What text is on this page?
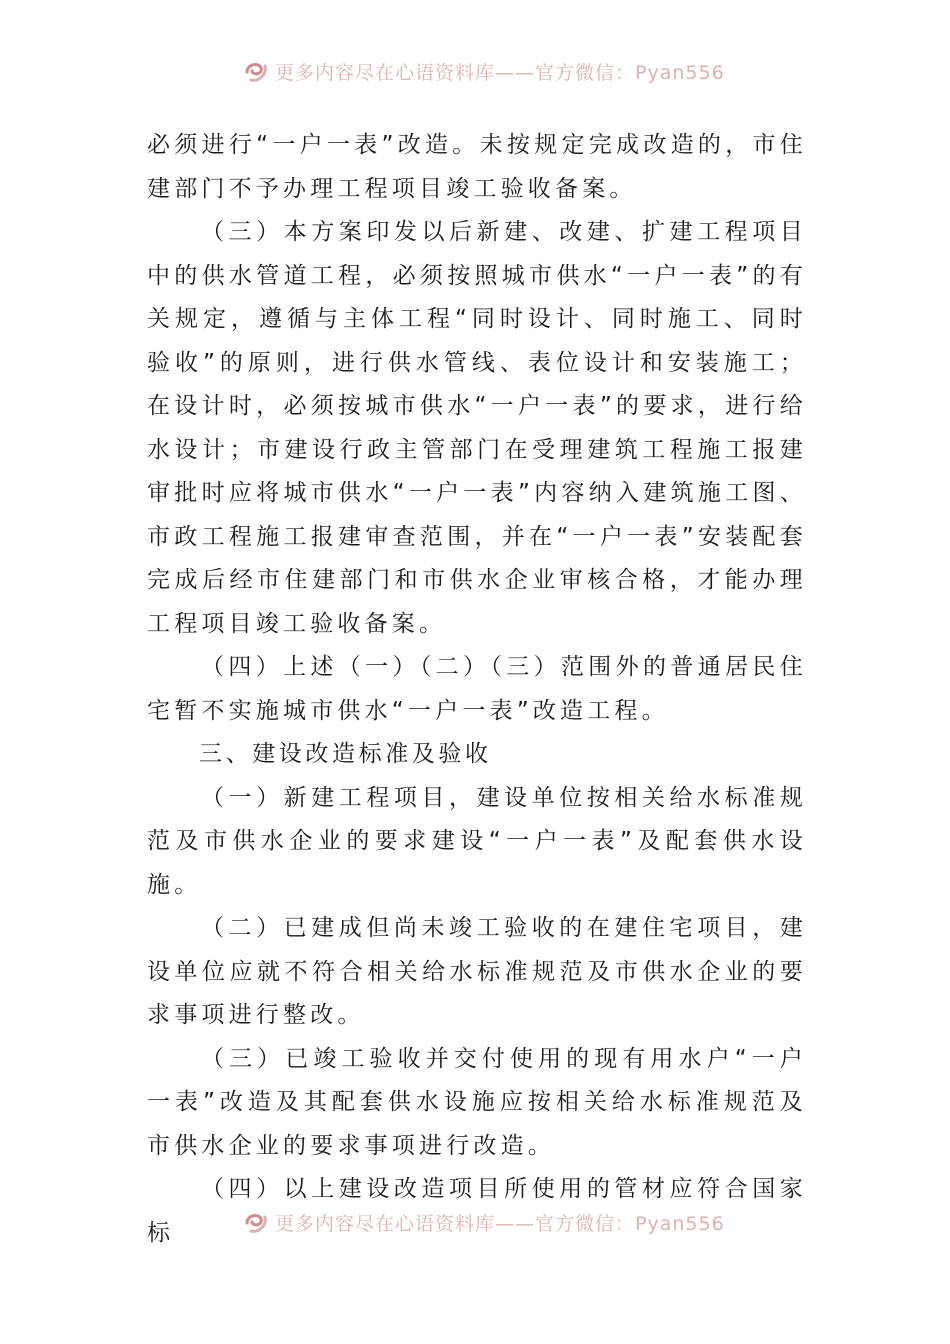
更多内容尽在心语资料库——官方微信：Pyan556

必须进行“一户一表”改造。未按规定完成改造的，市住建部门不予办理工程项目竣工验收备案。

（三）本方案印发以后新建、改建、扩建工程项目中的供水管道工程，必须按照城市供水“一户一表”的有关规定，遵循与主体工程“同时设计、同时施工、同时验收”的原则，进行供水管线、表位设计和安装施工；在设计时，必须按城市供水“一户一表”的要求，进行给水设计；市建设行政主管部门在受理建筑工程施工报建审批时应将城市供水“一户一表”内容纳入建筑施工图、市政工程施工报建审查范围，并在“一户一表”安装配套完成后经市住建部门和市供水企业审核合格，才能办理工程项目竣工验收备案。

（四）上述（一）（二）（三）范围外的普通居民住宅暂不实施城市供水“一户一表”改造工程。

三、建设改造标准及验收

（一）新建工程项目，建设单位按相关给水标准规范及市供水企业的要求建设“一户一表”及配套供水设施。

（二）已建成但尚未竣工验收的在建住宅项目，建设单位应就不符合相关给水标准规范及市供水企业的要求事项进行整改。

（三）已竣工验收并交付使用的现有用水户“一户一表”改造及其配套供水设施应按相关给水标准规范及市供水企业的要求事项进行改造。

（四）以上建设改造项目所使用的管材应符合国家标	更多内容尽在心语资料库——官方微信：Pyan556
